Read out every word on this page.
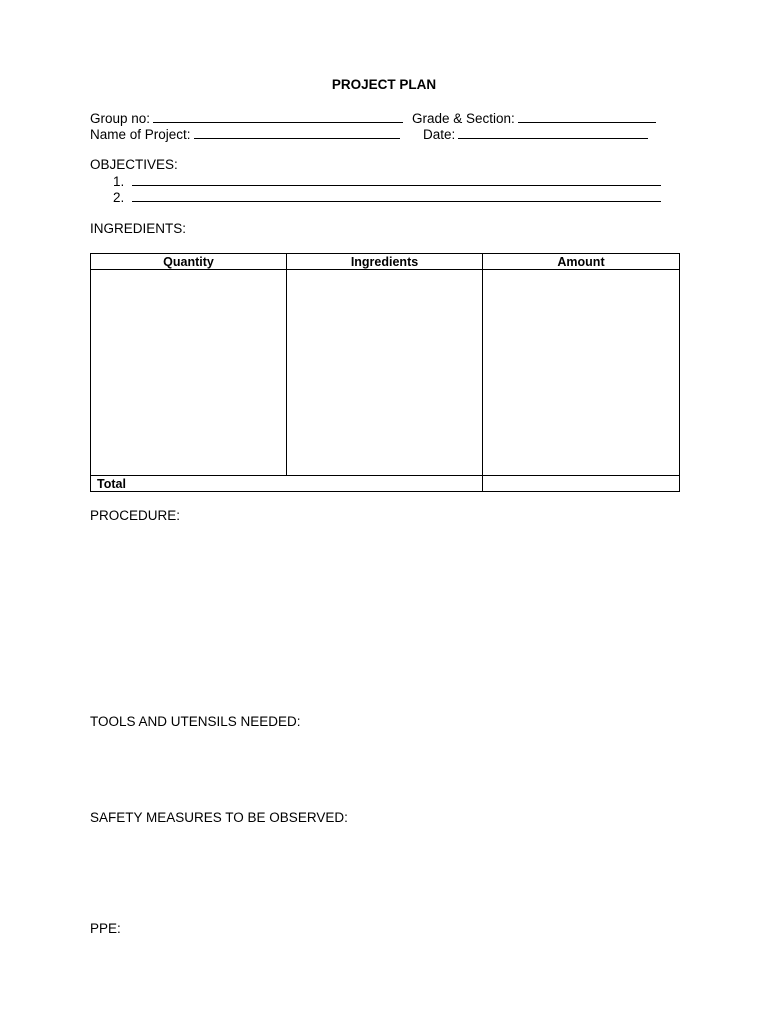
PROJECT PLAN
Group no:	Grade & Section:
Name of Project:	Date:
OBJECTIVES:
1.
2.
INGREDIENTS:
Quantity	Ingredients	Amount

Total		
PROCEDURE:
TOOLS AND UTENSILS NEEDED:
SAFETY MEASURES TO BE OBSERVED:
PPE:
